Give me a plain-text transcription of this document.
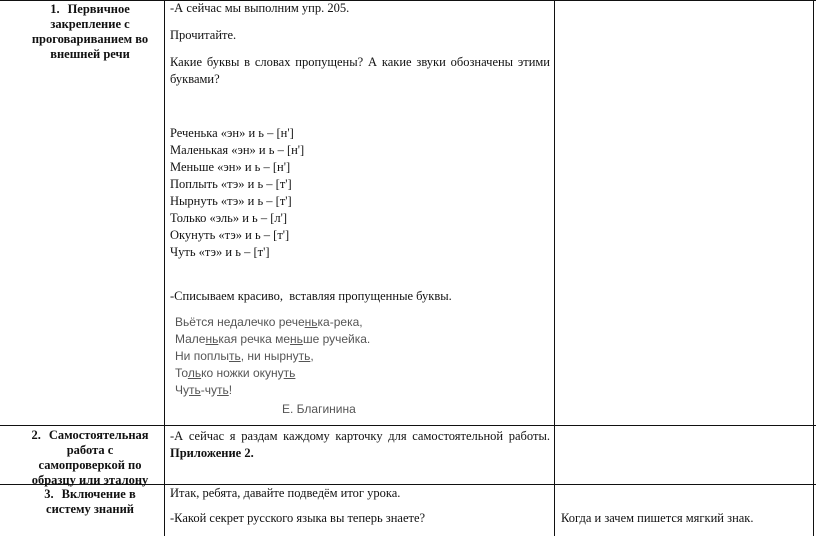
1. Первичное
закрепление с
проговариванием во
внешней речи
-А сейчас мы выполним упр. 205.
Прочитайте.
Какие буквы в словах пропущены? А какие звуки обозначены этими буквами?
Реченька «эн» и ь – [н']
Маленькая «эн» и ь – [н']
Меньше «эн» и ь – [н']
Поплыть «тэ» и ь – [т']
Нырнуть «тэ» и ь – [т']
Только «эль» и ь – [л']
Окунуть «тэ» и ь – [т']
Чуть «тэ» и ь – [т']
-Списываем красиво,  вставляя пропущенные буквы.
Вьётся недалечко реченька-река,
Маленькая речка меньше ручейка.
Ни поплыть, ни нырнуть,
Только ножки окунуть
Чуть-чуть!
Е. Благинина
2. Самостоятельная
работа с
самопроверкой по
образцу или эталону
-А сейчас я раздам каждому карточку для самостоятельной работы. Приложение 2.
3. Включение в
систему знаний
Итак, ребята, давайте подведём итог урока.
-Какой секрет русского языка вы теперь знаете?	Когда и зачем пишется мягкий знак.
